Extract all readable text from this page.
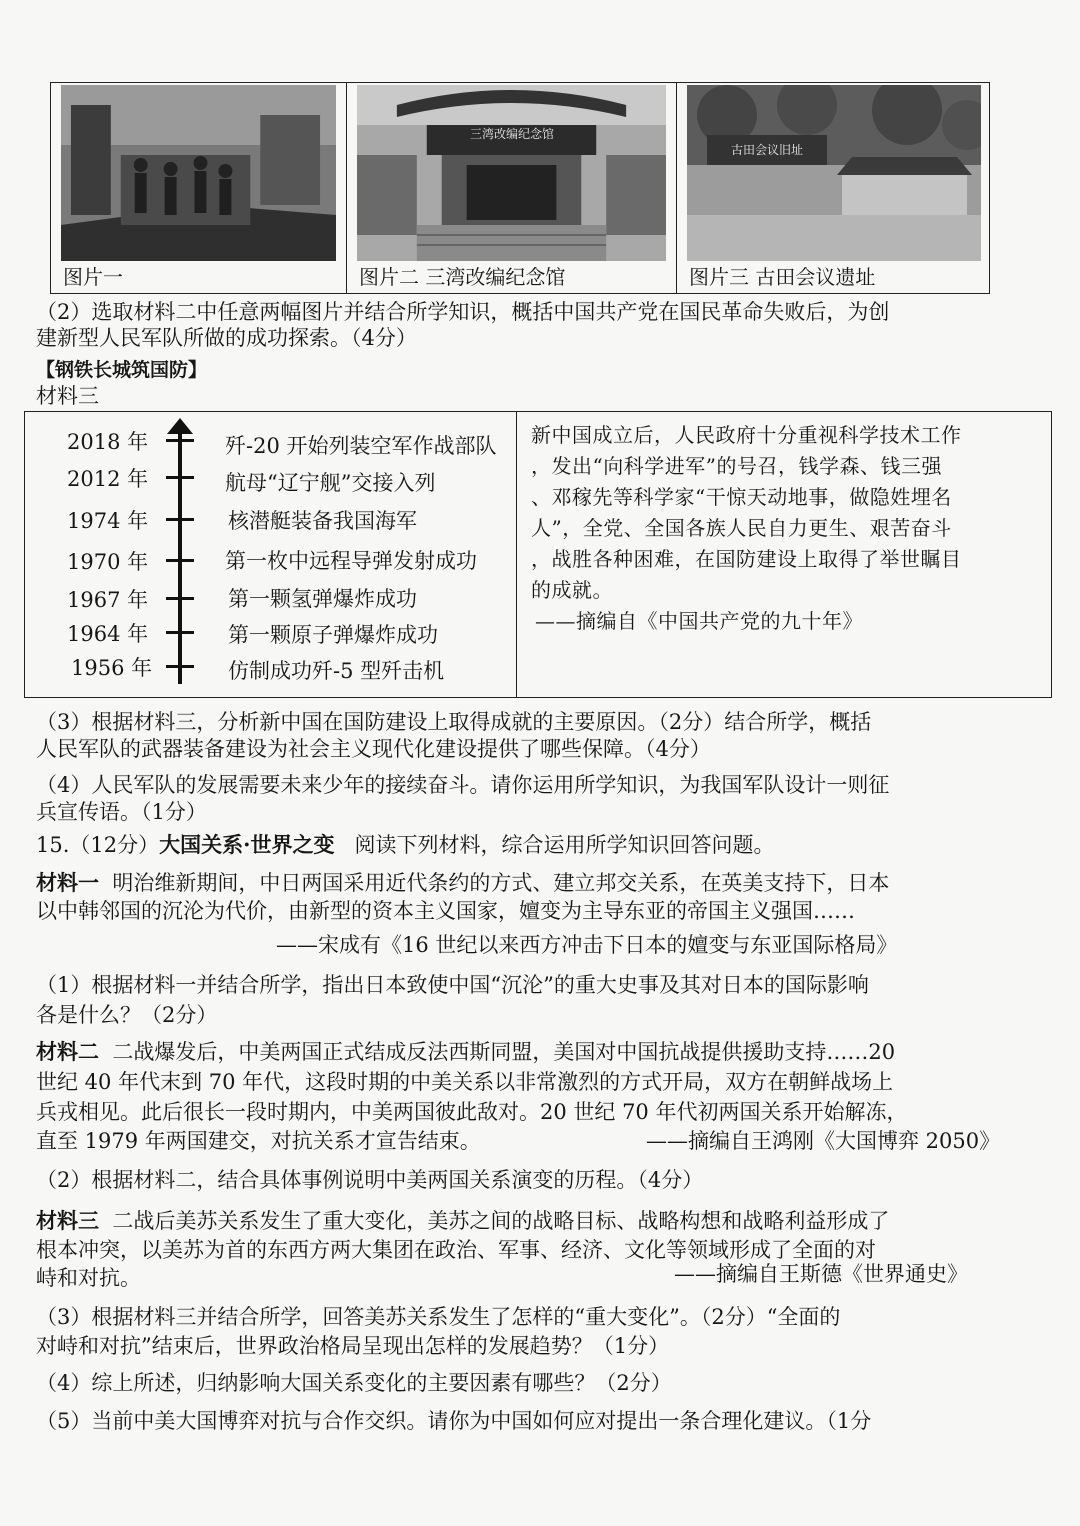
图片一
三湾改编纪念馆
图片二 三湾改编纪念馆
古田会议旧址
图片三 古田会议遗址
（2）选取材料二中任意两幅图片并结合所学知识，概括中国共产党在国民革命失败后，为创
建新型人民军队所做的成功探索。（4分）
【钢铁长城筑国防】
材料三
2018 年	歼-20 开始列装空军作战部队
2012 年	航母“辽宁舰”交接入列
1974 年	核潜艇装备我国海军
1970 年	第一枚中远程导弹发射成功
1967 年	第一颗氢弹爆炸成功
1964 年	第一颗原子弹爆炸成功
1956 年	仿制成功歼-5 型歼击机
新中国成立后，人民政府十分重视科学技术工作
，发出“向科学进军”的号召，钱学森、钱三强
、邓稼先等科学家“干惊天动地事，做隐姓埋名
人”，全党、全国各族人民自力更生、艰苦奋斗
，战胜各种困难，在国防建设上取得了举世瞩目
的成就。
——摘编自《中国共产党的九十年》
（3）根据材料三，分析新中国在国防建设上取得成就的主要原因。（2分）结合所学，概括
人民军队的武器装备建设为社会主义现代化建设提供了哪些保障。（4分）
（4）人民军队的发展需要未来少年的接续奋斗。请你运用所学知识，为我国军队设计一则征
兵宣传语。（1分）
15.（12分）大国关系·世界之变 阅读下列材料，综合运用所学知识回答问题。
材料一 明治维新期间，中日两国采用近代条约的方式、建立邦交关系，在英美支持下，日本
以中韩邻国的沉沦为代价，由新型的资本主义国家，嬗变为主导东亚的帝国主义强国……
——宋成有《16 世纪以来西方冲击下日本的嬗变与东亚国际格局》
（1）根据材料一并结合所学，指出日本致使中国“沉沦”的重大史事及其对日本的国际影响
各是什么？（2分）
材料二 二战爆发后，中美两国正式结成反法西斯同盟，美国对中国抗战提供援助支持……20
世纪 40 年代末到 70 年代，这段时期的中美关系以非常激烈的方式开局，双方在朝鲜战场上
兵戎相见。此后很长一段时期内，中美两国彼此敌对。20 世纪 70 年代初两国关系开始解冻，
直至 1979 年两国建交，对抗关系才宣告结束。	——摘编自王鸿刚《大国博弈 2050》
（2）根据材料二，结合具体事例说明中美两国关系演变的历程。（4分）
材料三 二战后美苏关系发生了重大变化，美苏之间的战略目标、战略构想和战略利益形成了
根本冲突，以美苏为首的东西方两大集团在政治、军事、经济、文化等领域形成了全面的对
峙和对抗。	——摘编自王斯德《世界通史》
（3）根据材料三并结合所学，回答美苏关系发生了怎样的“重大变化”。（2分）“全面的
对峙和对抗”结束后，世界政治格局呈现出怎样的发展趋势？（1分）
（4）综上所述，归纳影响大国关系变化的主要因素有哪些？（2分）
（5）当前中美大国博弈对抗与合作交织。请你为中国如何应对提出一条合理化建议。（1分
